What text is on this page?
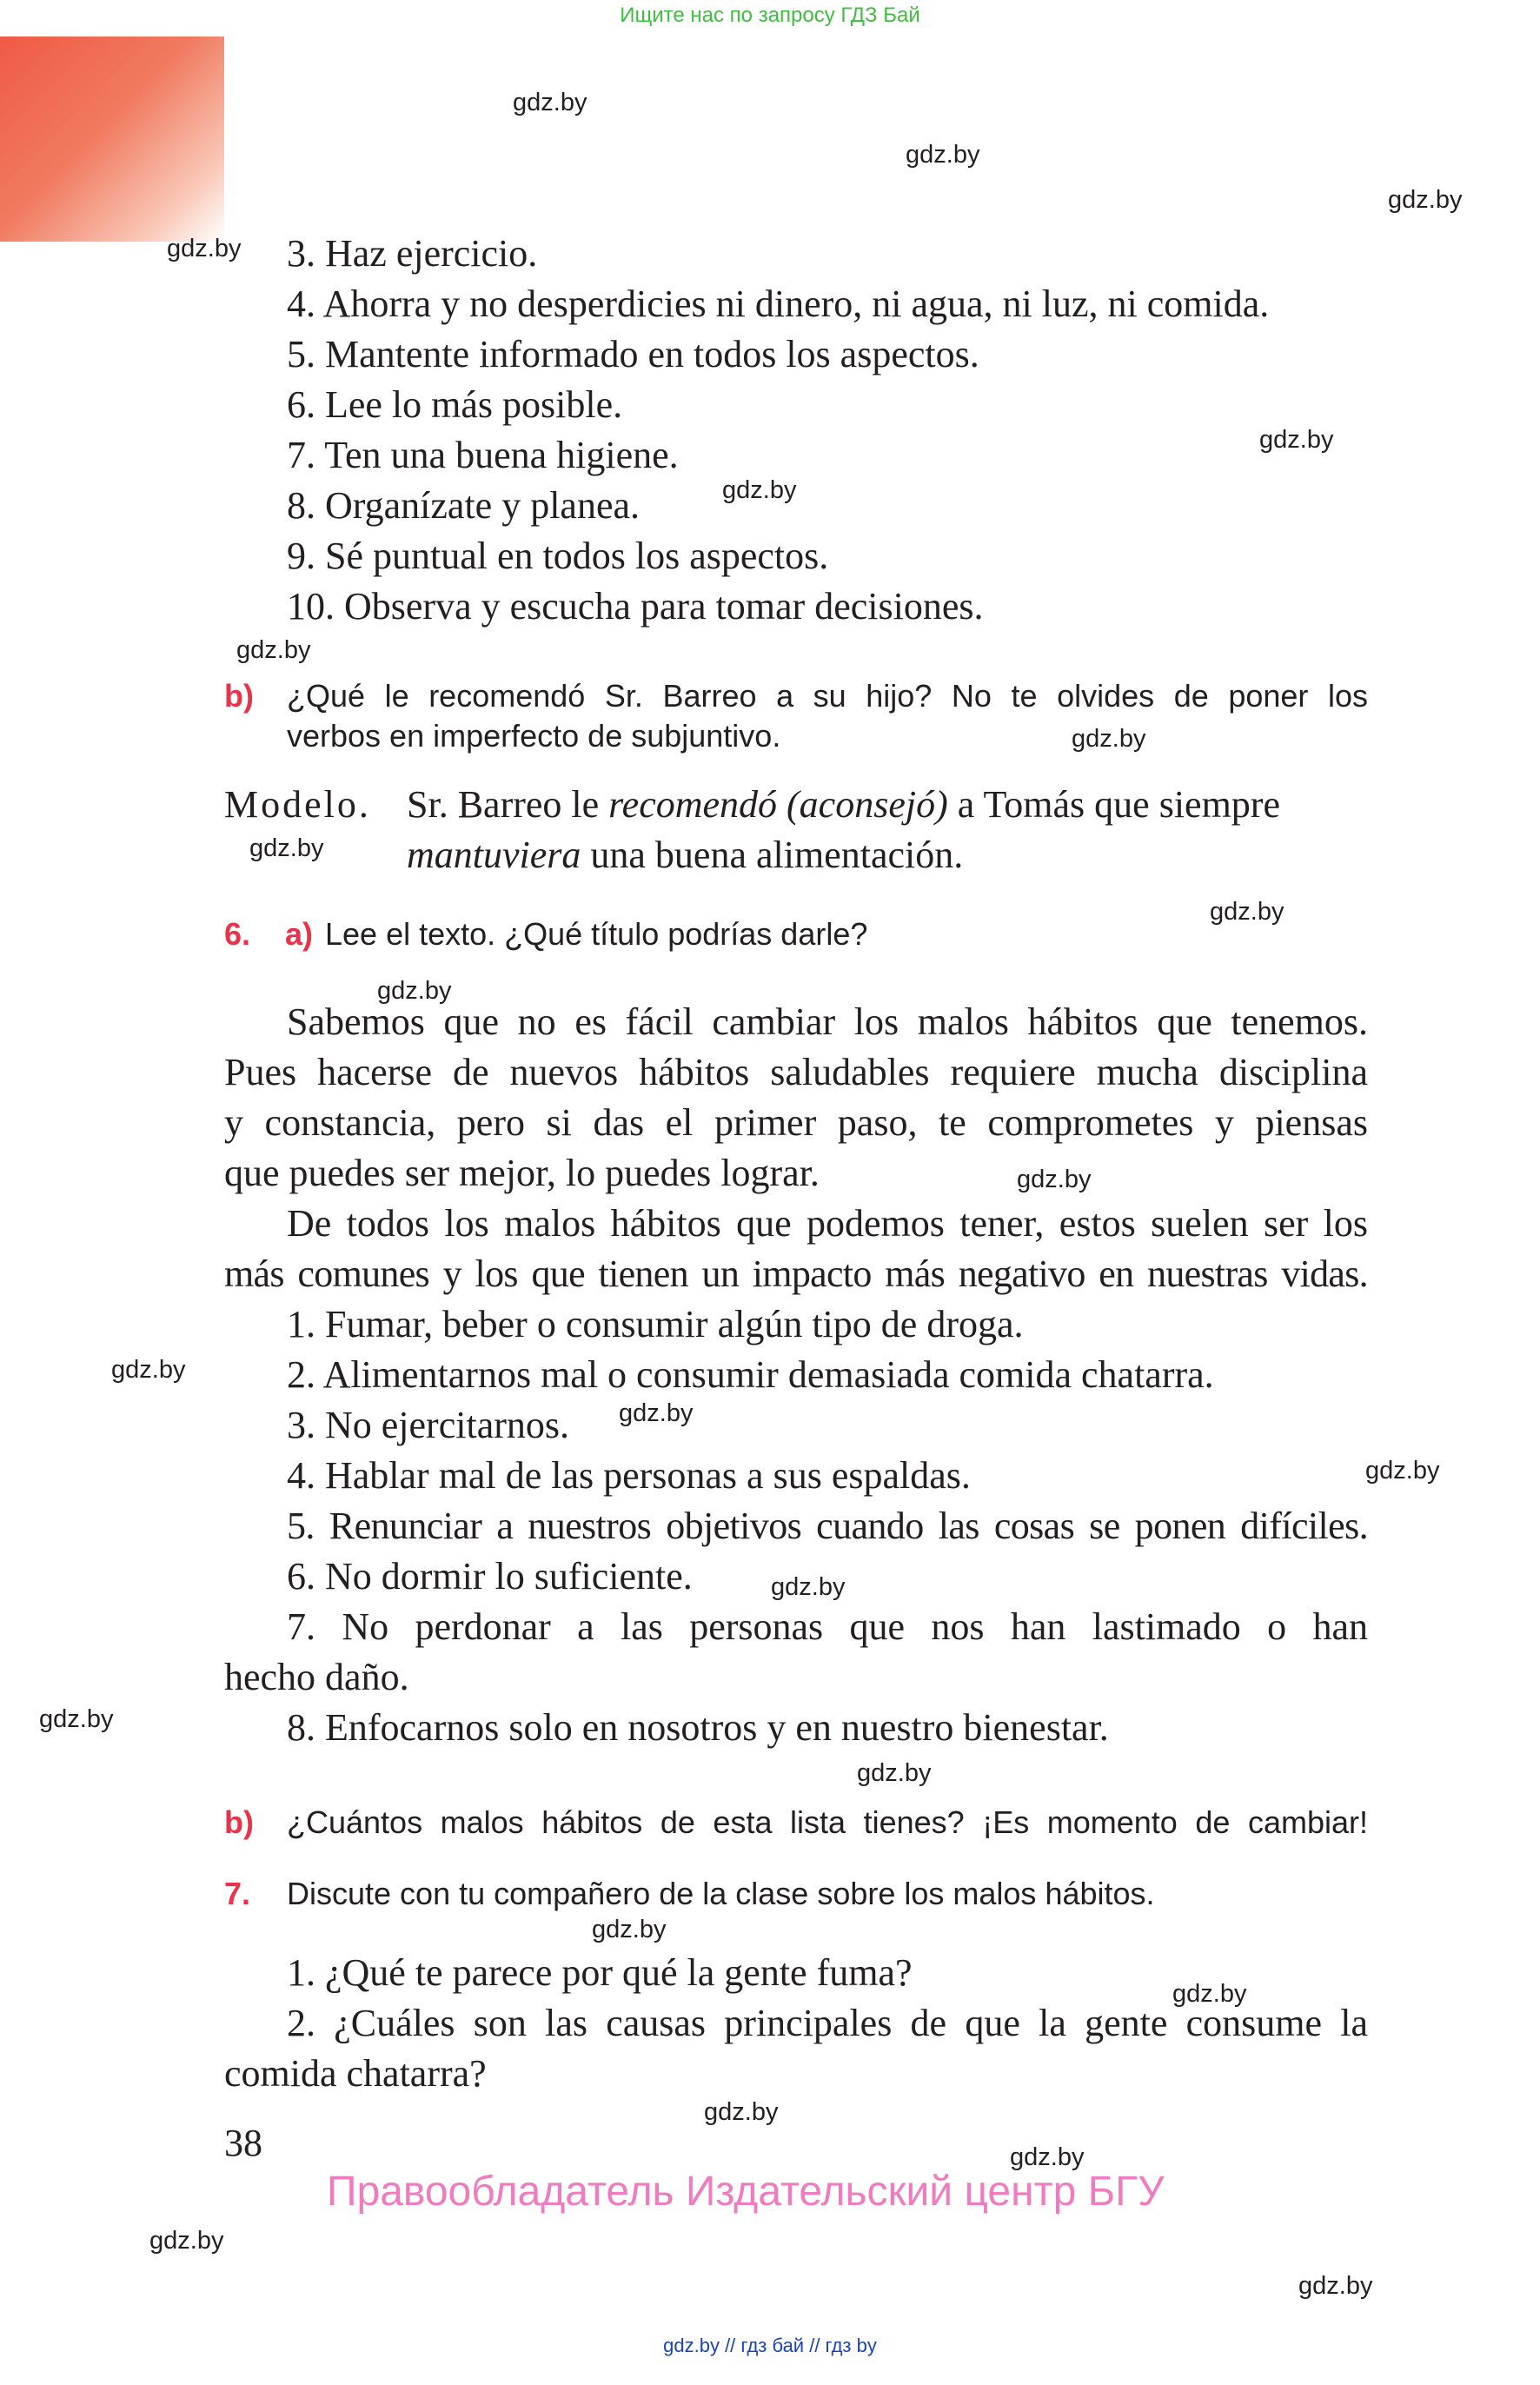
Ищите нас по запросу ГДЗ Бай
gdz.by
gdz.by
gdz.by
gdz.by
gdz.by
gdz.by
gdz.by
gdz.by
gdz.by
gdz.by
gdz.by
gdz.by
gdz.by
gdz.by
gdz.by
gdz.by
gdz.by
gdz.by
gdz.by
gdz.by
gdz.by
gdz.by
gdz.by
gdz.by
3. Haz ejercicio.
4. Ahorra y no desperdicies ni dinero, ni agua, ni luz, ni comida.
5. Mantente informado en todos los aspectos.
6. Lee lo más posible.
7. Ten una buena higiene.
8. Organízate y planea.
9. Sé puntual en todos los aspectos.
10. Observa y escucha para tomar decisiones.
b) ¿Qué le recomendó Sr. Barreo a su hijo? No te olvides de poner los
verbos en imperfecto de subjuntivo.
Modelo. Sr. Barreo le recomendó (aconsejó) a Tomás que siempre
mantuviera una buena alimentación.
6. a) Lee el texto. ¿Qué título podrías darle?
Sabemos que no es fácil cambiar los malos hábitos que tenemos.
Pues hacerse de nuevos hábitos saludables requiere mucha disciplina
y constancia, pero si das el primer paso, te comprometes y piensas
que puedes ser mejor, lo puedes lograr.
De todos los malos hábitos que podemos tener, estos suelen ser los
más comunes y los que tienen un impacto más negativo en nuestras vidas.
1. Fumar, beber o consumir algún tipo de droga.
2. Alimentarnos mal o consumir demasiada comida chatarra.
3. No ejercitarnos.
4. Hablar mal de las personas a sus espaldas.
5. Renunciar a nuestros objetivos cuando las cosas se ponen difíciles.
6. No dormir lo suficiente.
7. No perdonar a las personas que nos han lastimado o han
hecho daño.
8. Enfocarnos solo en nosotros y en nuestro bienestar.
b) ¿Cuántos malos hábitos de esta lista tienes? ¡Es momento de cambiar!
7. Discute con tu compañero de la clase sobre los malos hábitos.
1. ¿Qué te parece por qué la gente fuma?
2. ¿Cuáles son las causas principales de que la gente consume la
comida chatarra?
38
Правообладатель Издательский центр БГУ
gdz.by // гдз бай // гдз by
